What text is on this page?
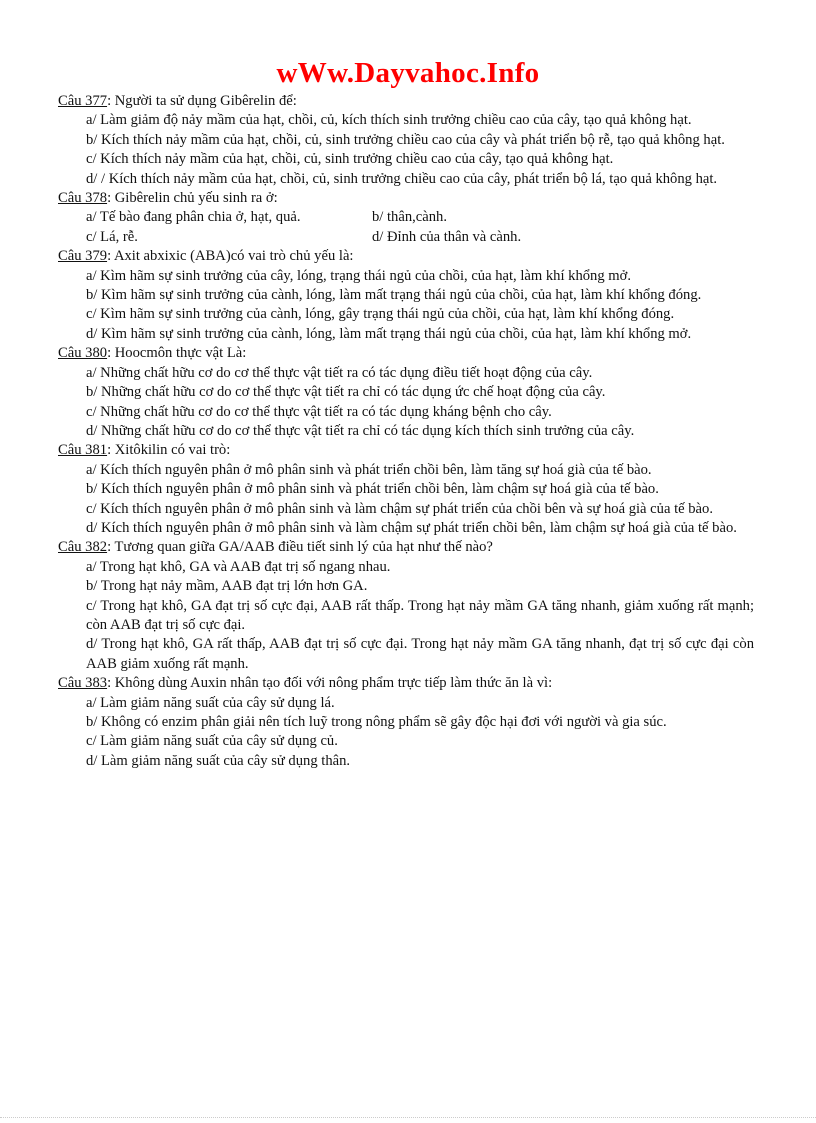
wWw.Dayvahoc.Info
Câu 377: Người ta sử dụng Gibêrelin để:
a/ Làm giảm độ nảy mầm của hạt, chồi, củ, kích thích sinh trưởng chiều cao của cây, tạo quả không hạt.
b/ Kích thích nảy mầm của hạt, chồi, củ, sinh trưởng chiều cao của cây và phát triển bộ rễ, tạo quả không hạt.
c/ Kích thích nảy mầm của hạt, chồi, củ, sinh trưởng chiều cao của cây, tạo quả không hạt.
d/ / Kích thích nảy mầm của hạt, chồi, củ, sinh trưởng chiều cao của cây, phát triển bộ lá, tạo quả không hạt.
Câu 378: Gibêrelin chủ yếu sinh ra ở:
a/ Tế bào đang phân chia ở, hạt, quả.	b/ thân,cành.
c/ Lá, rễ.	d/ Đỉnh của thân và cành.
Câu 379: Axit abxixic (ABA)có vai trò chủ yếu là:
a/ Kìm hãm sự sinh trưởng của cây, lóng, trạng thái ngủ của chồi, của hạt, làm khí khổng mở.
b/ Kìm hãm sự sinh trưởng của cành, lóng, làm mất trạng thái ngủ của chồi, của hạt, làm khí khổng đóng.
c/ Kìm hãm sự sinh trưởng của cành, lóng, gây trạng thái ngủ của chồi, của hạt, làm khí khổng đóng.
d/ Kìm hãm sự sinh trưởng của cành, lóng, làm mất trạng thái ngủ của chồi, của hạt, làm khí khổng mở.
Câu 380: Hoocmôn thực vật Là:
a/ Những chất hữu cơ do cơ thể thực vật tiết ra có tác dụng điều tiết hoạt động của cây.
b/ Những chất hữu cơ do cơ thể thực vật tiết ra chỉ có tác dụng ức chế hoạt động của cây.
c/ Những chất hữu cơ do cơ thể thực vật tiết ra có tác dụng kháng bệnh cho cây.
d/ Những chất hữu cơ do cơ thể thực vật tiết ra chỉ có tác dụng kích thích sinh trưởng của cây.
Câu 381: Xitôkilin có vai trò:
a/ Kích thích nguyên phân ở mô phân sinh và phát triển chồi bên, làm tăng sự hoá già của tế bào.
b/ Kích thích nguyên phân ở mô phân sinh và phát triển chồi bên, làm chậm sự hoá già của tế bào.
c/ Kích thích nguyên phân ở mô phân sinh và làm chậm sự phát triển của chồi bên và sự hoá già của tế bào.
d/ Kích thích nguyên phân ở mô phân sinh và làm chậm sự phát triển chồi bên, làm chậm sự hoá già của tế bào.
Câu 382: Tương quan giữa GA/AAB điều tiết sinh lý của hạt như thế nào?
a/ Trong hạt khô, GA và AAB đạt trị số ngang nhau.
b/ Trong hạt nảy mầm, AAB đạt trị lớn hơn GA.
c/ Trong hạt khô, GA đạt trị số cực đại, AAB rất thấp. Trong hạt nảy mầm GA tăng nhanh, giảm xuống rất mạnh; còn AAB đạt trị số cực đại.
d/ Trong hạt khô, GA rất thấp, AAB đạt trị số cực đại. Trong hạt nảy mầm GA tăng nhanh, đạt trị số cực đại còn AAB giảm xuống rất mạnh.
Câu 383: Không dùng Auxin nhân tạo đối với nông phẩm trực tiếp làm thức ăn là vì:
a/ Làm giảm năng suất của cây sử dụng lá.
b/ Không có enzim phân giải nên tích luỹ trong nông phẩm sẽ gây độc hại đơi với người và gia súc.
c/ Làm giảm năng suất của cây sử dụng củ.
d/ Làm giảm năng suất của cây sử dụng thân.
